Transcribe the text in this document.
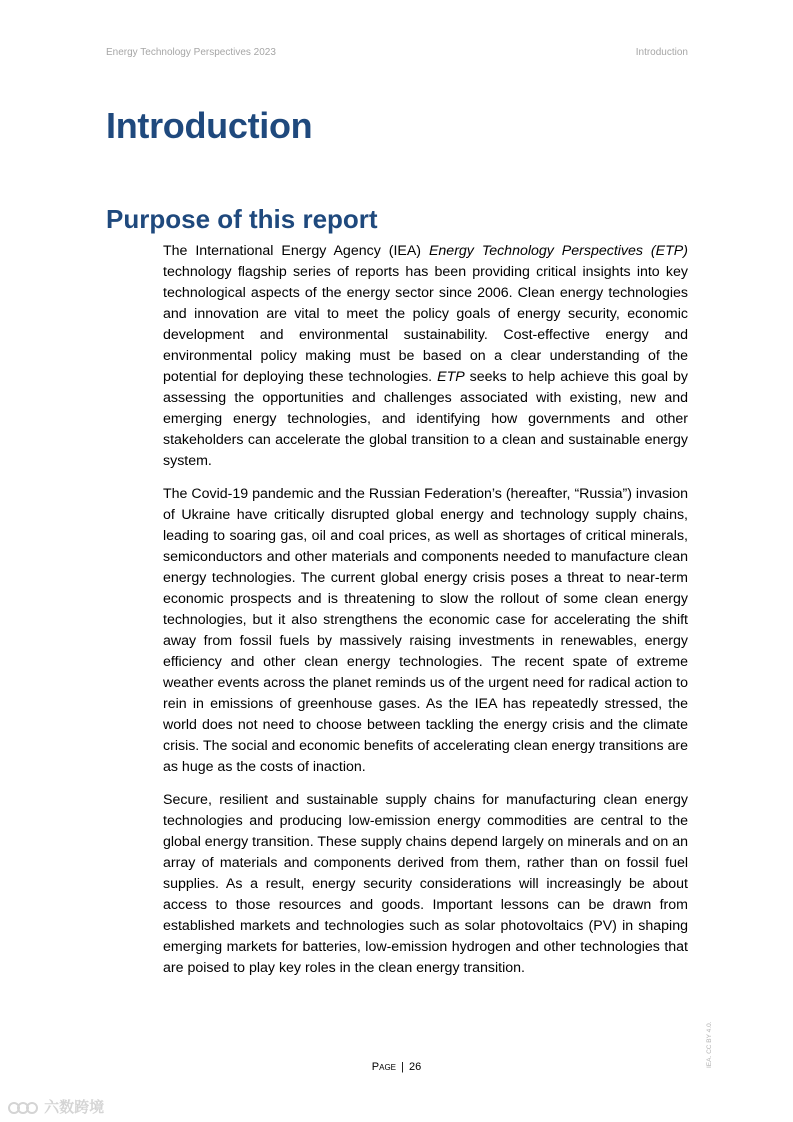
Energy Technology Perspectives 2023	Introduction
Introduction
Purpose of this report

The International Energy Agency (IEA) Energy Technology Perspectives (ETP) technology flagship series of reports has been providing critical insights into key technological aspects of the energy sector since 2006. Clean energy technologies and innovation are vital to meet the policy goals of energy security, economic development and environmental sustainability. Cost-effective energy and environmental policy making must be based on a clear understanding of the potential for deploying these technologies. ETP seeks to help achieve this goal by assessing the opportunities and challenges associated with existing, new and emerging energy technologies, and identifying how governments and other stakeholders can accelerate the global transition to a clean and sustainable energy system.

The Covid-19 pandemic and the Russian Federation’s (hereafter, “Russia”) invasion of Ukraine have critically disrupted global energy and technology supply chains, leading to soaring gas, oil and coal prices, as well as shortages of critical minerals, semiconductors and other materials and components needed to manufacture clean energy technologies. The current global energy crisis poses a threat to near-term economic prospects and is threatening to slow the rollout of some clean energy technologies, but it also strengthens the economic case for accelerating the shift away from fossil fuels by massively raising investments in renewables, energy efficiency and other clean energy technologies. The recent spate of extreme weather events across the planet reminds us of the urgent need for radical action to rein in emissions of greenhouse gases. As the IEA has repeatedly stressed, the world does not need to choose between tackling the energy crisis and the climate crisis. The social and economic benefits of accelerating clean energy transitions are as huge as the costs of inaction.

Secure, resilient and sustainable supply chains for manufacturing clean energy technologies and producing low-emission energy commodities are central to the global energy transition. These supply chains depend largely on minerals and on an array of materials and components derived from them, rather than on fossil fuel supplies. As a result, energy security considerations will increasingly be about access to those resources and goods. Important lessons can be drawn from established markets and technologies such as solar photovoltaics (PV) in shaping emerging markets for batteries, low-emission hydrogen and other technologies that are poised to play key roles in the clean energy transition.

Page | 26	IEA. CC BY 4.0.
六数跨境
